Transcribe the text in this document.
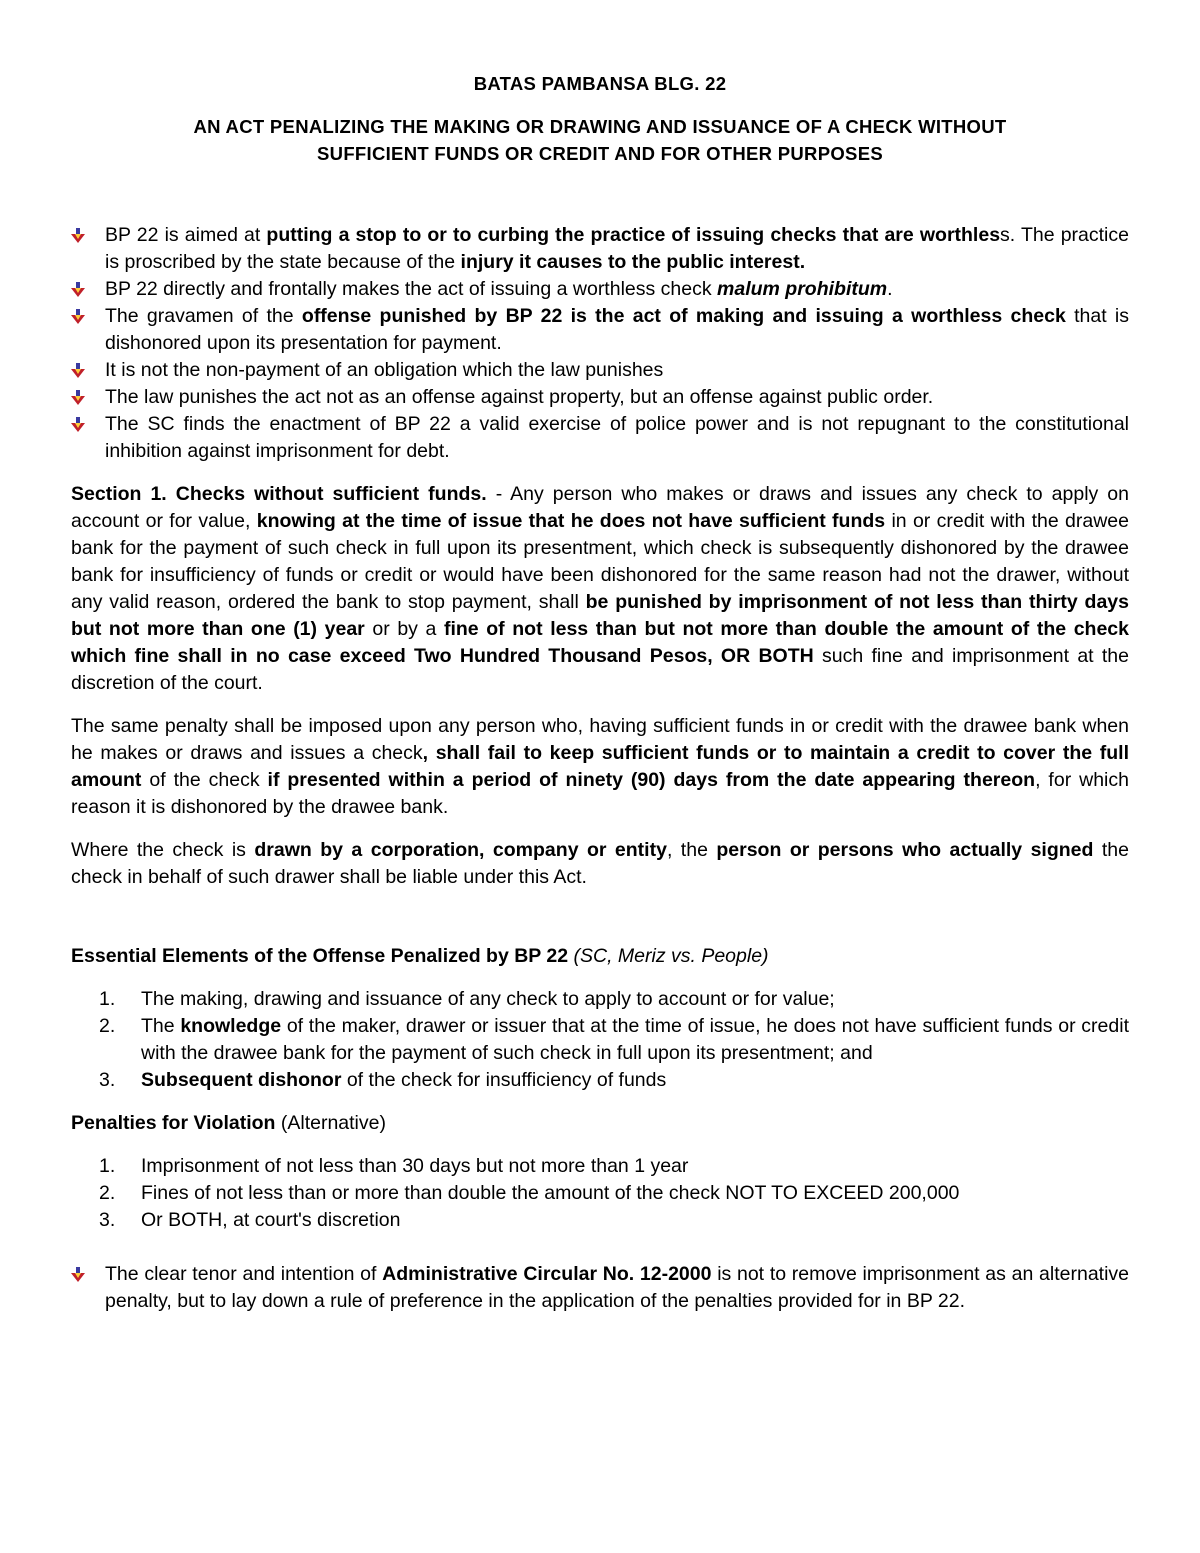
BATAS PAMBANSA BLG. 22
AN ACT PENALIZING THE MAKING OR DRAWING AND ISSUANCE OF A CHECK WITHOUT
SUFFICIENT FUNDS OR CREDIT AND FOR OTHER PURPOSES
BP 22 is aimed at putting a stop to or to curbing the practice of issuing checks that are worthless. The practice is proscribed by the state because of the injury it causes to the public interest.
BP 22 directly and frontally makes the act of issuing a worthless check malum prohibitum.
The gravamen of the offense punished by BP 22 is the act of making and issuing a worthless check that is dishonored upon its presentation for payment.
It is not the non-payment of an obligation which the law punishes
The law punishes the act not as an offense against property, but an offense against public order.
The SC finds the enactment of BP 22 a valid exercise of police power and is not repugnant to the constitutional inhibition against imprisonment for debt.

Section 1. Checks without sufficient funds. - Any person who makes or draws and issues any check to apply on account or for value, knowing at the time of issue that he does not have sufficient funds in or credit with the drawee bank for the payment of such check in full upon its presentment, which check is subsequently dishonored by the drawee bank for insufficiency of funds or credit or would have been dishonored for the same reason had not the drawer, without any valid reason, ordered the bank to stop payment, shall be punished by imprisonment of not less than thirty days but not more than one (1) year or by a fine of not less than but not more than double the amount of the check which fine shall in no case exceed Two Hundred Thousand Pesos, OR BOTH such fine and imprisonment at the discretion of the court.

The same penalty shall be imposed upon any person who, having sufficient funds in or credit with the drawee bank when he makes or draws and issues a check, shall fail to keep sufficient funds or to maintain a credit to cover the full amount of the check if presented within a period of ninety (90) days from the date appearing thereon, for which reason it is dishonored by the drawee bank.

Where the check is drawn by a corporation, company or entity, the person or persons who actually signed the check in behalf of such drawer shall be liable under this Act.

Essential Elements of the Offense Penalized by BP 22 (SC, Meriz vs. People)

1. The making, drawing and issuance of any check to apply to account or for value;
2. The knowledge of the maker, drawer or issuer that at the time of issue, he does not have sufficient funds or credit with the drawee bank for the payment of such check in full upon its presentment; and
3. Subsequent dishonor of the check for insufficiency of funds

Penalties for Violation (Alternative)

1. Imprisonment of not less than 30 days but not more than 1 year
2. Fines of not less than or more than double the amount of the check NOT TO EXCEED 200,000
3. Or BOTH, at court's discretion
The clear tenor and intention of Administrative Circular No. 12-2000 is not to remove imprisonment as an alternative penalty, but to lay down a rule of preference in the application of the penalties provided for in BP 22.
